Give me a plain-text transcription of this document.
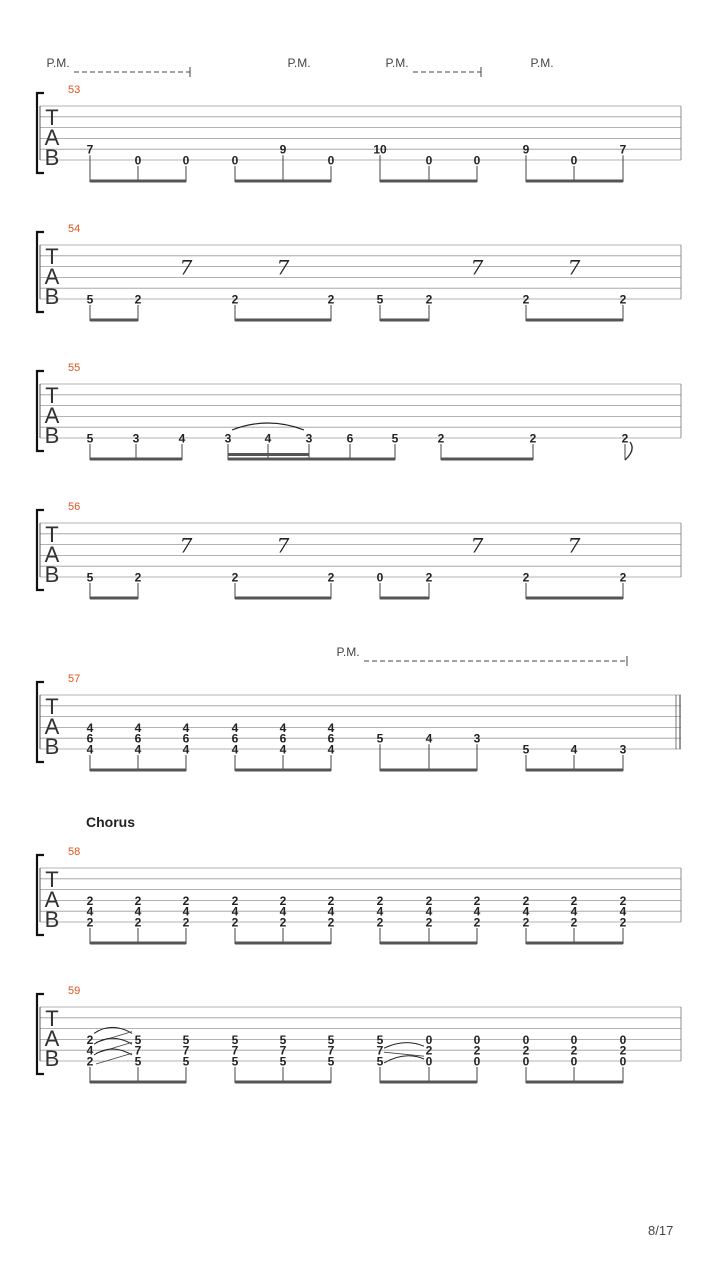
T
A
B
53
P.M.	P.M.	P.M.	P.M.
7
0	0	0
9
0
10
0	0
9
0
7
T
A
B
54
5	2	2	2	5	2	2	2
7	7	7	7
T
A
B
55
5	3	4	3	4	3	6	5	2	2	2
T
A
B
56
5	2	2	2	0	2	2	2
7	7	7	7
T
A
B
57
P.M.
4
6
4
4
6
4
4
6
4
4
6
4
4
6
4
4
6
4
5	4	3
5	4	3
T
A
B
58
2
4
2
2
4
2
2
4
2
2
4
2
2
4
2
2
4
2
2
4
2
2
4
2
2
4
2
2
4
2
2
4
2
2
4
2
T
A
B
59
2
4
2
5
7
5
5
7
5
5
7
5
5
7
5
5
7
5
5
7
5
0
2
0
0
2
0
0
2
0
0
2
0
0
2
0
Chorus
8/17
